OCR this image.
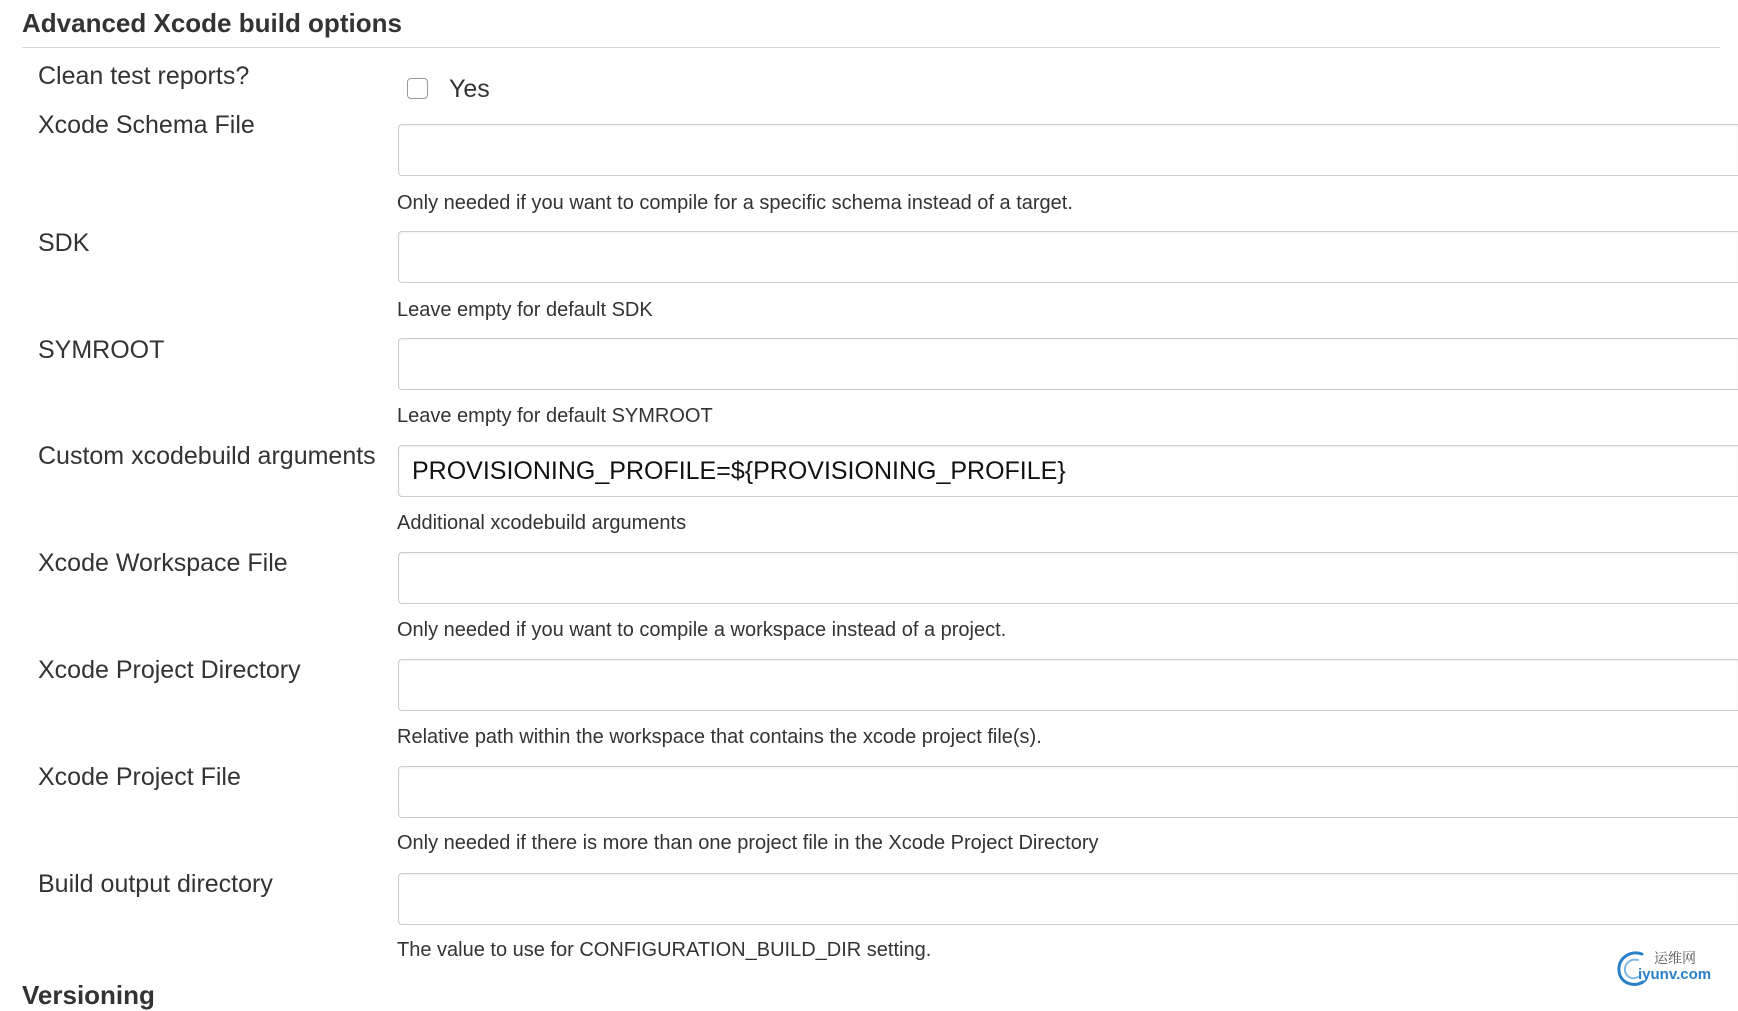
Advanced Xcode build options
Clean test reports?	Yes
Xcode Schema File
Only needed if you want to compile for a specific schema instead of a target.
SDK
Leave empty for default SDK
SYMROOT
Leave empty for default SYMROOT
Custom xcodebuild arguments
PROVISIONING_PROFILE=${PROVISIONING_PROFILE}
Additional xcodebuild arguments
Xcode Workspace File
Only needed if you want to compile a workspace instead of a project.
Xcode Project Directory
Relative path within the workspace that contains the xcode project file(s).
Xcode Project File
Only needed if there is more than one project file in the Xcode Project Directory
Build output directory
The value to use for CONFIGURATION_BUILD_DIR setting.
Versioning
运维网
iyunv.com
